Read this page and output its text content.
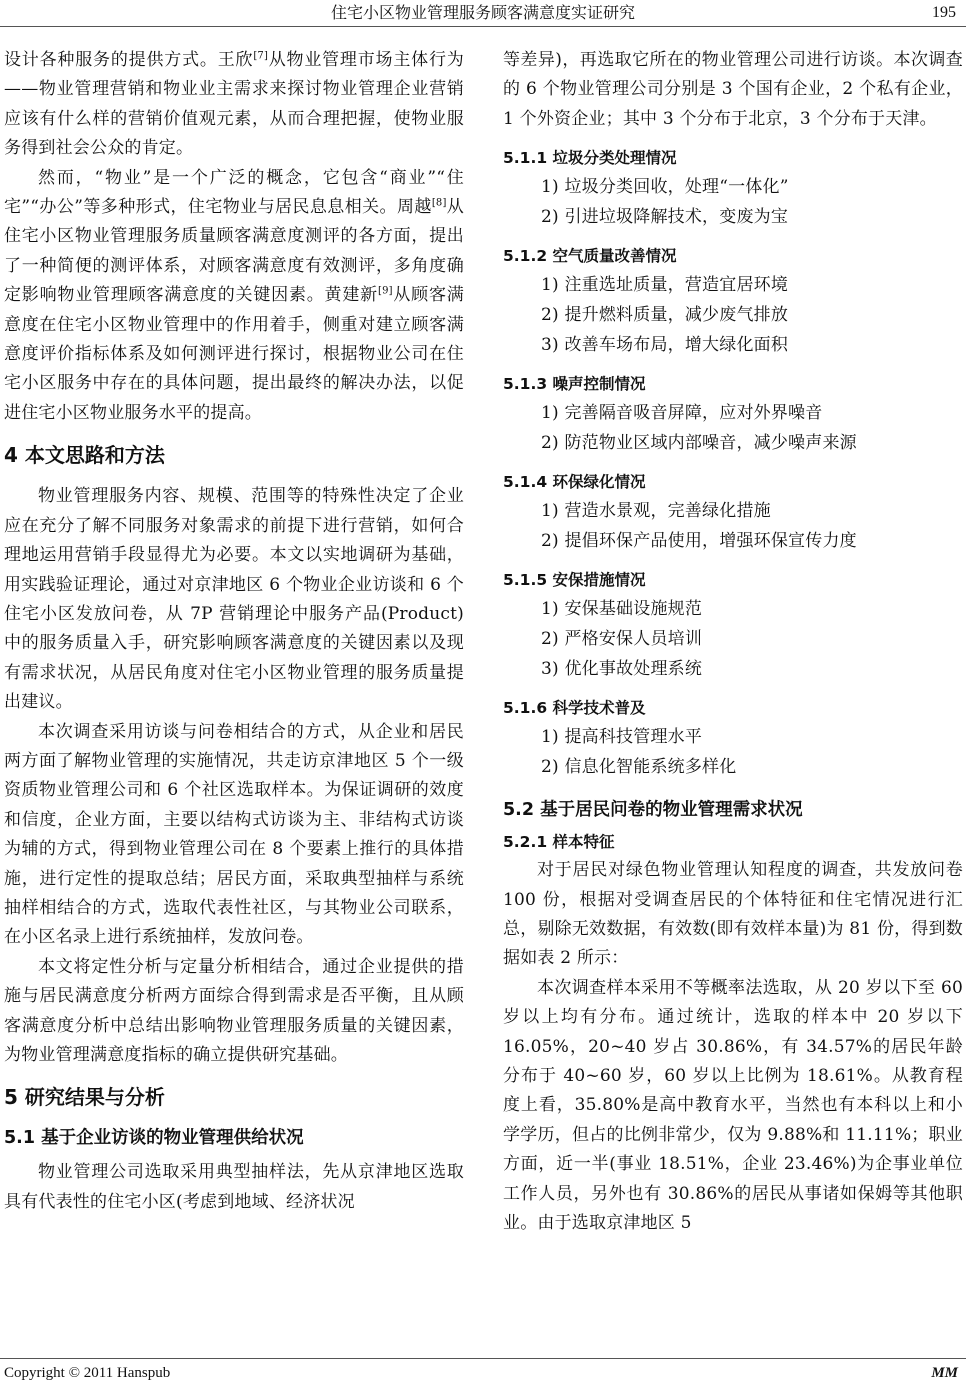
住宅小区物业管理服务顾客满意度实证研究	195

设计各种服务的提供方式。王欣[7]从物业管理市场主体行为——物业管理营销和物业业主需求来探讨物业管理企业营销应该有什么样的营销价值观元素，从而合理把握，使物业服务得到社会公众的肯定。

然而，“物业”是一个广泛的概念，它包含“商业”“住宅”“办公”等多种形式，住宅物业与居民息息相关。周越[8]从住宅小区物业管理服务质量顾客满意度测评的各方面，提出了一种简便的测评体系，对顾客满意度有效测评，多角度确定影响物业管理顾客满意度的关键因素。黄建新[9]从顾客满意度在住宅小区物业管理中的作用着手，侧重对建立顾客满意度评价指标体系及如何测评进行探讨，根据物业公司在住宅小区服务中存在的具体问题，提出最终的解决办法，以促进住宅小区物业服务水平的提高。

4 本文思路和方法

物业管理服务内容、规模、范围等的特殊性决定了企业应在充分了解不同服务对象需求的前提下进行营销，如何合理地运用营销手段显得尤为必要。本文以实地调研为基础，用实践验证理论，通过对京津地区 6 个物业企业访谈和 6 个住宅小区发放问卷，从 7P 营销理论中服务产品(Product)中的服务质量入手，研究影响顾客满意度的关键因素以及现有需求状况，从居民角度对住宅小区物业管理的服务质量提出建议。

本次调查采用访谈与问卷相结合的方式，从企业和居民两方面了解物业管理的实施情况，共走访京津地区 5 个一级资质物业管理公司和 6 个社区选取样本。为保证调研的效度和信度，企业方面，主要以结构式访谈为主、非结构式访谈为辅的方式，得到物业管理公司在 8 个要素上推行的具体措施，进行定性的提取总结；居民方面，采取典型抽样与系统抽样相结合的方式，选取代表性社区，与其物业公司联系，在小区名录上进行系统抽样，发放问卷。

本文将定性分析与定量分析相结合，通过企业提供的措施与居民满意度分析两方面综合得到需求是否平衡，且从顾客满意度分析中总结出影响物业管理服务质量的关键因素，为物业管理满意度指标的确立提供研究基础。

5 研究结果与分析
5.1 基于企业访谈的物业管理供给状况

物业管理公司选取采用典型抽样法，先从京津地区选取具有代表性的住宅小区(考虑到地域、经济状况

等差异)，再选取它所在的物业管理公司进行访谈。本次调查的 6 个物业管理公司分别是 3 个国有企业，2 个私有企业，1 个外资企业；其中 3 个分布于北京，3 个分布于天津。

5.1.1 垃圾分类处理情况
1) 垃圾分类回收，处理“一体化”
2) 引进垃圾降解技术，变废为宝
5.1.2 空气质量改善情况
1) 注重选址质量，营造宜居环境
2) 提升燃料质量，减少废气排放
3) 改善车场布局，增大绿化面积
5.1.3 噪声控制情况
1) 完善隔音吸音屏障，应对外界噪音
2) 防范物业区域内部噪音，减少噪声来源
5.1.4 环保绿化情况
1) 营造水景观，完善绿化措施
2) 提倡环保产品使用，增强环保宣传力度
5.1.5 安保措施情况
1) 安保基础设施规范
2) 严格安保人员培训
3) 优化事故处理系统
5.1.6 科学技术普及
1) 提高科技管理水平
2) 信息化智能系统多样化
5.2 基于居民问卷的物业管理需求状况
5.2.1 样本特征

对于居民对绿色物业管理认知程度的调查，共发放问卷 100 份，根据对受调查居民的个体特征和住宅情况进行汇总，剔除无效数据，有效数(即有效样本量)为 81 份，得到数据如表 2 所示：

本次调查样本采用不等概率法选取，从 20 岁以下至 60 岁以上均有分布。通过统计，选取的样本中 20 岁以下 16.05%，20~40 岁占 30.86%，有 34.57%的居民年龄分布于 40~60 岁，60 岁以上比例为 18.61%。从教育程度上看，35.80%是高中教育水平，当然也有本科以上和小学学历，但占的比例非常少，仅为 9.88%和 11.11%；职业方面，近一半(事业 18.51%，企业 23.46%)为企事业单位工作人员，另外也有 30.86%的居民从事诸如保姆等其他职业。由于选取京津地区 5

Copyright © 2011 Hanspub	MM
